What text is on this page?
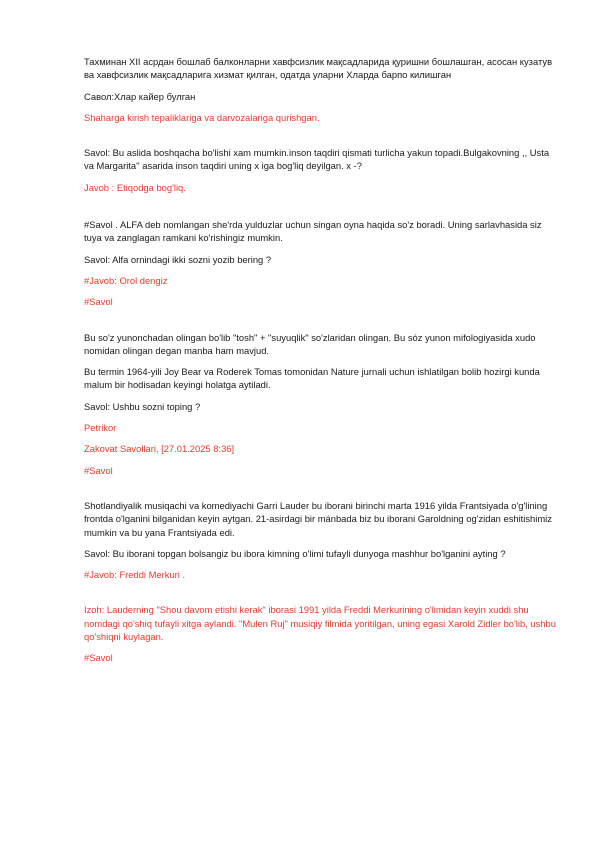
Тахминан XII асрдан бошлаб балконларни хавфсизлик мақсадларида қуришни бошлашган, асосан кузатув ва хавфсизлик мақсадларига хизмат қилган, одатда уларни Хларда барпо килишган

Савол:Хлар кайер булган

Shaharga kirish tepaliklariga va darvozalariga qurishgan.

Savol: Bu aslida boshqacha bo'lishi xam mumkin.inson taqdiri qismati turlicha yakun topadi.Bulgakovning ,, Usta va Margarita'' asarida inson taqdiri uning x iga bog'liq deyilgan. x -?

Javob : Etiqodga bog'liq.

#Savol . ALFA deb nomlangan she'rda yulduzlar uchun singan oyna haqida so'z boradi. Uning sarlavhasida siz tuya va zanglagan ramkani ko'rishingiz mumkin.

Savol: Alfa ornindagi ikki sozni yozib bering ?

#Javob: Orol dengiz

#Savol

Bu so'z yunonchadan olingan bo'lib "tosh" + "suyuqlik" so'zlaridan olingan. Bu sóz yunon mifologiyasida xudo nomidan olingan degan manba ham mavjud.

Bu termin 1964-yili Joy Bear va Roderek Tomas tomonidan Nature jurnali uchun ishlatilgan bolib hozirgi kunda malum bir hodisadan keyingi holatga aytiladi.

Savol: Ushbu sozni toping ?

Petrikor

Zakovat Savollari, [27.01.2025 8:36]

#Savol

Shotlandiyalik musiqachi va komediyachi Garri Lauder bu iborani birinchi marta 1916 yilda Frantsiyada o'g'lining frontda o'lganini bilganidan keyin aytgan. 21-asirdagi bir mánbada biz bu iborani Garoldning og'zidan eshitishimiz mumkin va bu yana Frantsiyada edi.

Savol: Bu iborani topgan bolsangiz bu ibora kimning o'limi tufayli dunyoga mashhur bo'lganini ayting ?

#Javob: Freddi Merkuri .

Izoh: Lauderning "Shou davom etishi kerak" iborasi 1991 yilda Freddi Merkurining o'limidan keyin xuddi shu nomdagi qo'shiq tufayli xitga aylandi. "Mulen Ruj" musiqiy filmida yoritilgan, uning egasi Xarold Zidler bo'lib, ushbu qo'shiqni kuylagan.

#Savol
